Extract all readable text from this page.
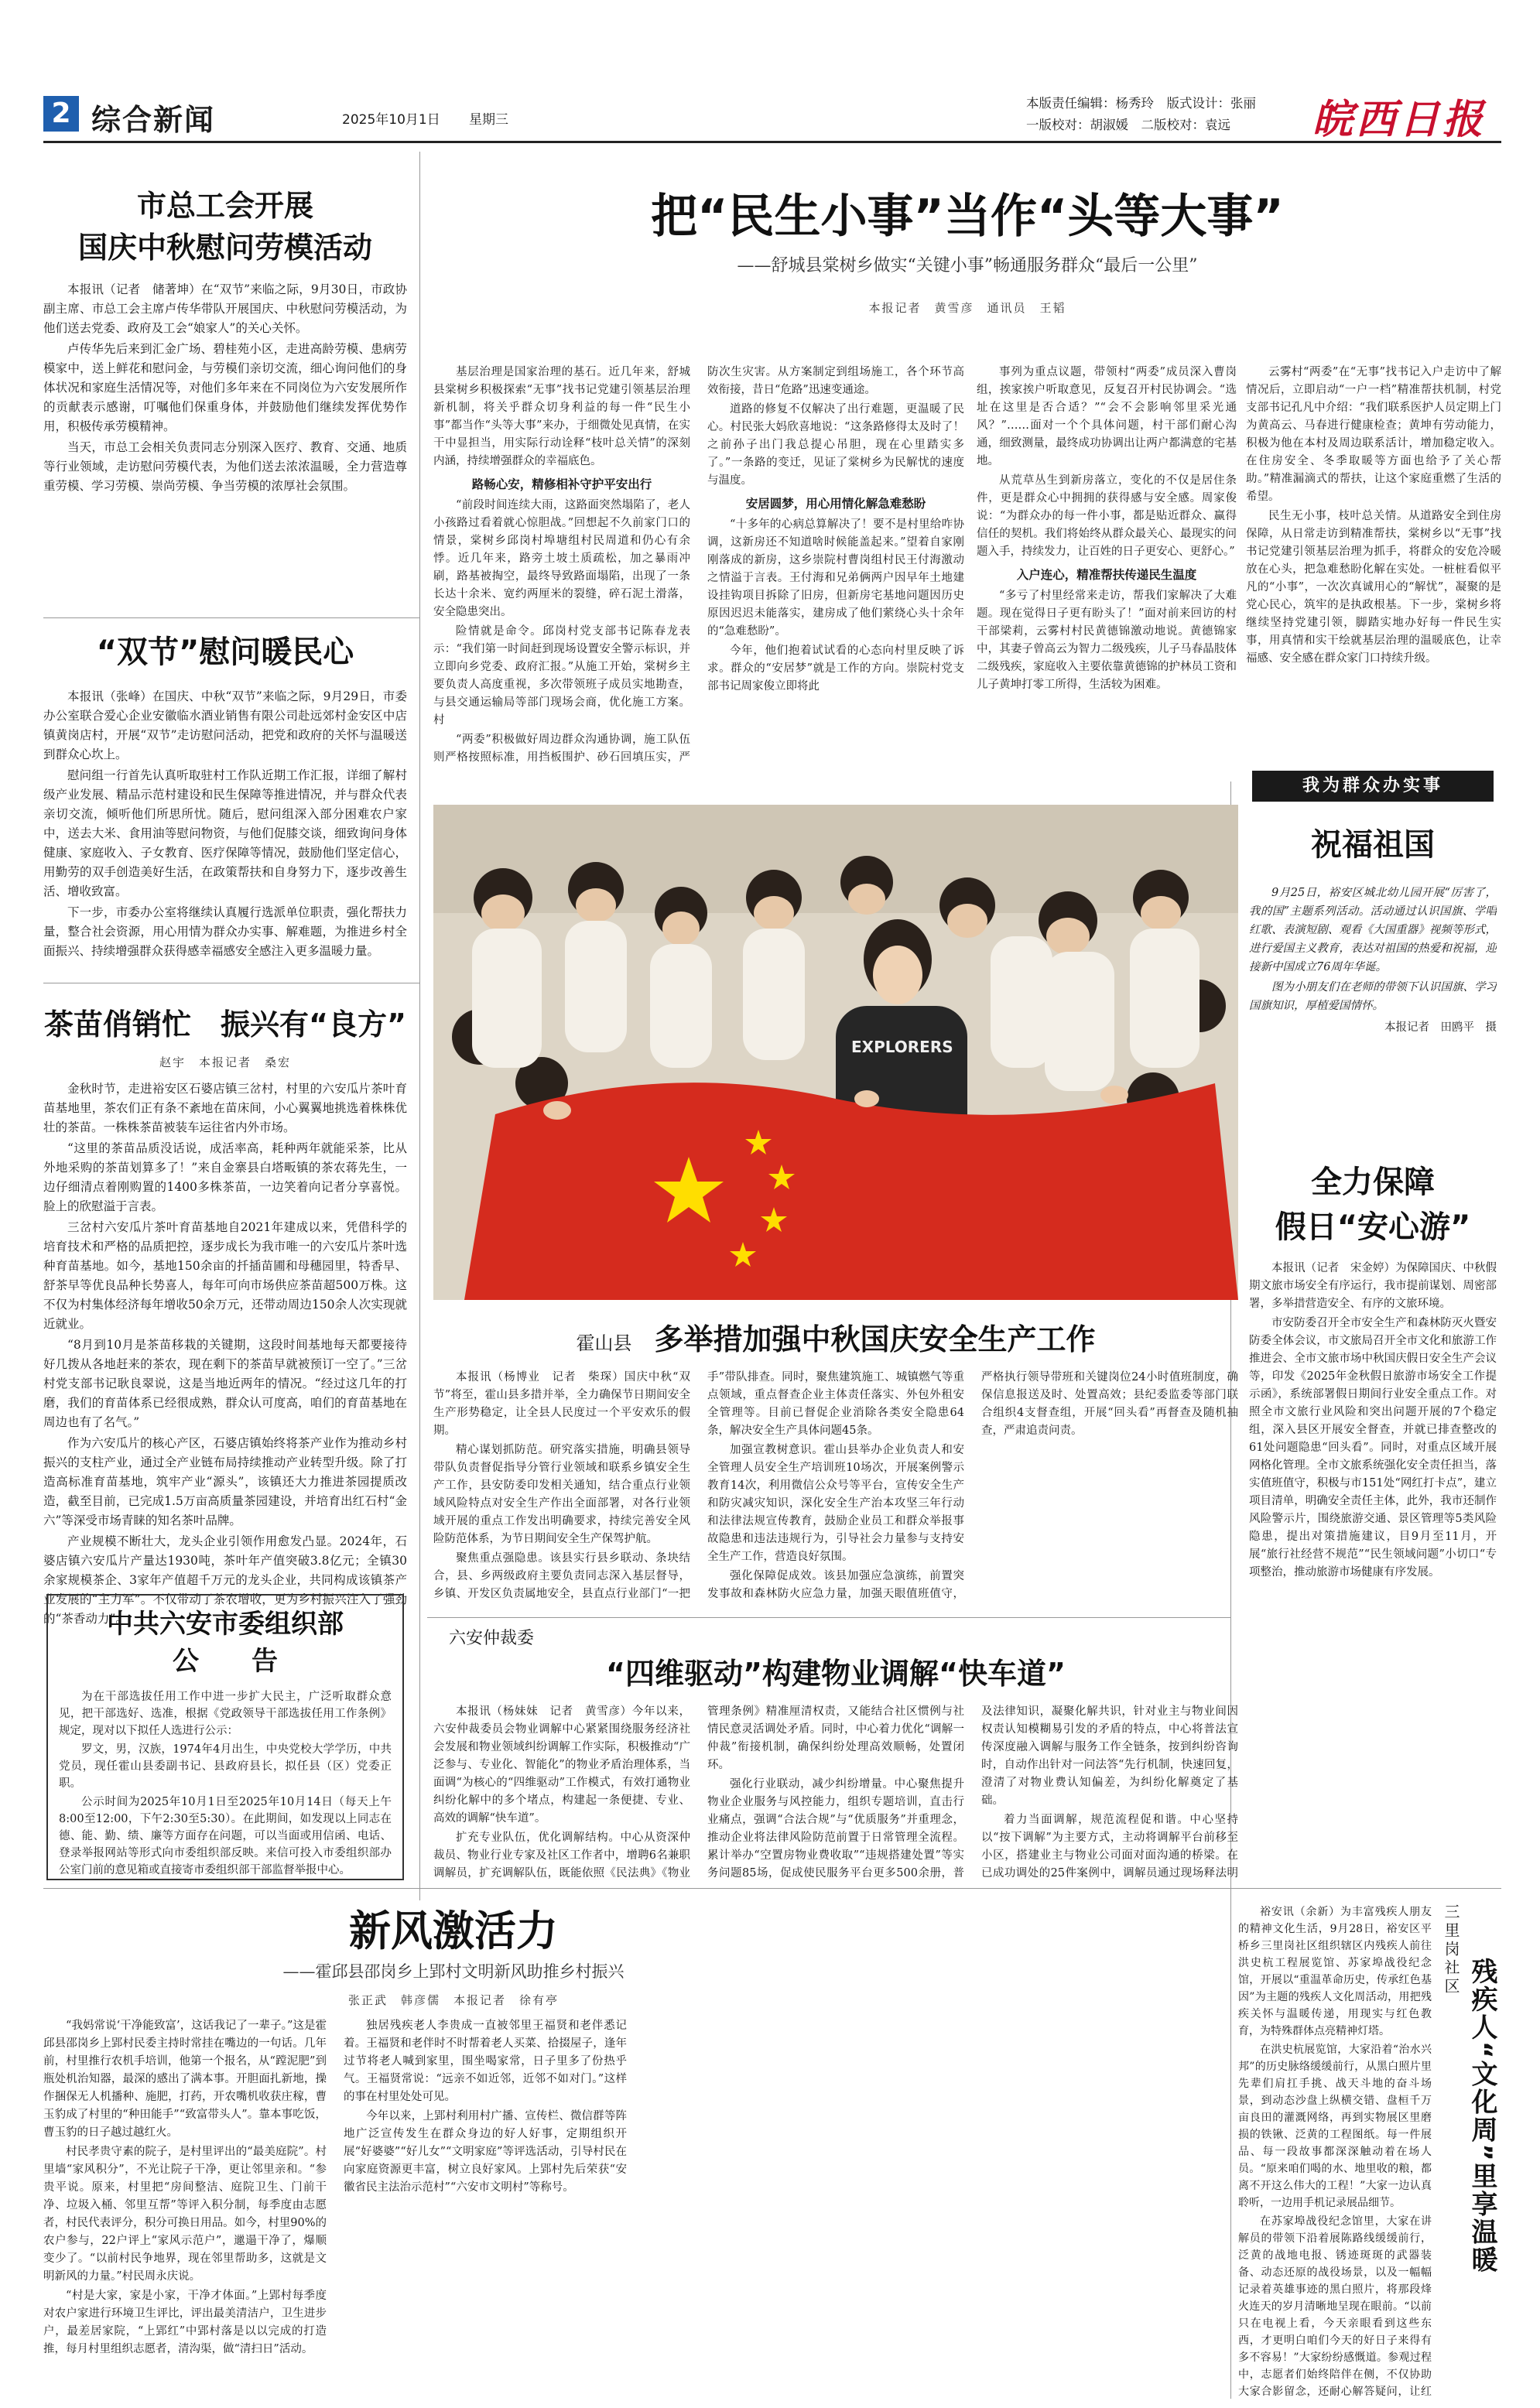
2 综合新闻	2025年10月1日 星期三
本版责任编辑：杨秀玲　版式设计：张丽
一版校对：胡淑媛　二版校对：袁远 皖西日报
市总工会开展
国庆中秋慰问劳模活动

本报讯（记者　储著坤）在“双节”来临之际，9月30日，市政协副主席、市总工会主席卢传华带队开展国庆、中秋慰问劳模活动，为他们送去党委、政府及工会“娘家人”的关心关怀。

卢传华先后来到汇金广场、碧桂苑小区，走进高龄劳模、患病劳模家中，送上鲜花和慰问金，与劳模们亲切交流，细心询问他们的身体状况和家庭生活情况等，对他们多年来在不同岗位为六安发展所作的贡献表示感谢，叮嘱他们保重身体，并鼓励他们继续发挥优势作用，积极传承劳模精神。

当天，市总工会相关负责同志分别深入医疗、教育、交通、地质等行业领域，走访慰问劳模代表，为他们送去浓浓温暖，全力营造尊重劳模、学习劳模、崇尚劳模、争当劳模的浓厚社会氛围。

“双节”慰问暖民心

本报讯（张峰）在国庆、中秋“双节”来临之际，9月29日，市委办公室联合爱心企业安徽临水酒业销售有限公司赴远郊村金安区中店镇黄岗店村，开展“双节”走访慰问活动，把党和政府的关怀与温暖送到群众心坎上。

慰问组一行首先认真听取驻村工作队近期工作汇报，详细了解村级产业发展、精品示范村建设和民生保障等推进情况，并与群众代表亲切交流，倾听他们所思所忧。随后，慰问组深入部分困难农户家中，送去大米、食用油等慰问物资，与他们促膝交谈，细致询问身体健康、家庭收入、子女教育、医疗保障等情况，鼓励他们坚定信心，用勤劳的双手创造美好生活，在政策帮扶和自身努力下，逐步改善生活、增收致富。

下一步，市委办公室将继续认真履行选派单位职责，强化帮扶力量，整合社会资源，用心用情为群众办实事、解难题，为推进乡村全面振兴、持续增强群众获得感幸福感安全感注入更多温暖力量。

茶苗俏销忙　振兴有“良方”
赵宇　本报记者　桑宏

金秋时节，走进裕安区石婆店镇三岔村，村里的六安瓜片茶叶育苗基地里，茶农们正有条不紊地在苗床间，小心翼翼地挑选着株株优壮的茶苗。一株株茶苗被装车运往省内外市场。

“这里的茶苗品质没话说，成活率高，耗种两年就能采茶，比从外地采购的茶苗划算多了！”来自金寨县白塔畈镇的茶农蒋先生，一边仔细清点着刚购置的1400多株茶苗，一边笑着向记者分享喜悦。脸上的欣慰溢于言表。

三岔村六安瓜片茶叶育苗基地自2021年建成以来，凭借科学的培育技术和严格的品质把控，逐步成长为我市唯一的六安瓜片茶叶选种育苗基地。如今，基地150余亩的扦插苗圃和母穗园里，特香早、舒茶早等优良品种长势喜人，每年可向市场供应茶苗超500万株。这不仅为村集体经济每年增收50余万元，还带动周边150余人次实现就近就业。

“8月到10月是茶苗移栽的关键期，这段时间基地每天都要接待好几拨从各地赶来的茶农，现在剩下的茶苗早就被预订一空了。”三岔村党支部书记耿良翠说，这是当地近两年的情况。“经过这几年的打磨，我们的育苗体系已经很成熟，群众认可度高，咱们的育苗基地在周边也有了名气。”

作为六安瓜片的核心产区，石婆店镇始终将茶产业作为推动乡村振兴的支柱产业，通过全产业链布局持续推动产业转型升级。除了打造高标准育苗基地，筑牢产业“源头”，该镇还大力推进茶园提质改造，截至目前，已完成1.5万亩高质量茶园建设，并培育出红石村“金六”等深受市场青睐的知名茶叶品牌。

产业规模不断壮大，龙头企业引领作用愈发凸显。2024年，石婆店镇六安瓜片产量达1930吨，茶叶年产值突破3.8亿元；全镇30余家规模茶企、3家年产值超千万元的龙头企业，共同构成该镇茶产业发展的“主力军”。不仅带动了茶农增收，更为乡村振兴注入了强劲的“茶香动力”。

中共六安市委组织部
公　　告

为在干部选拔任用工作中进一步扩大民主，广泛听取群众意见，把干部选好、选准，根据《党政领导干部选拔任用工作条例》规定，现对以下拟任人选进行公示：

罗文，男，汉族，1974年4月出生，中央党校大学学历，中共党员，现任霍山县委副书记、县政府县长，拟任县（区）党委正职。

公示时间为2025年10月1日至2025年10月14日（每天上午8:00至12:00，下午2:30至5:30）。在此期间，如发现以上同志在德、能、勤、绩、廉等方面存在问题，可以当面或用信函、电话、登录举报网站等形式向市委组织部反映。来信可投入市委组织部办公室门前的意见箱或直接寄市委组织部干部监督举报中心。

把“民生小事”当作“头等大事”
——舒城县棠树乡做实“关键小事”畅通服务群众“最后一公里”
本报记者　黄雪彦　通讯员　王韬

基层治理是国家治理的基石。近几年来，舒城县棠树乡积极探索“无事”找书记党建引领基层治理新机制，将关乎群众切身利益的每一件“民生小事”都当作“头等大事”来办，于细微处见真情，在实干中显担当，用实际行动诠释“枝叶总关情”的深刻内涵，持续增强群众的幸福底色。

路畅心安，精修相补守护平安出行

“前段时间连续大雨，这路面突然塌陷了，老人小孩路过看着就心惊胆战。”回想起不久前家门口的情景，棠树乡邱岗村埠塘组村民周道和仍心有余悸。近几年来，路旁土坡土质疏松，加之暴雨冲刷，路基被掏空，最终导致路面塌陷，出现了一条长达十余米、宽约两厘米的裂缝，碎石泥土滑落，安全隐患突出。

险情就是命令。邱岗村党支部书记陈春龙表示：“我们第一时间赶到现场设置安全警示标识，并立即向乡党委、政府汇报。”从施工开始，棠树乡主要负责人高度重视，多次带领班子成员实地勘查，与县交通运输局等部门现场会商，优化施工方案。村

“两委”积极做好周边群众沟通协调，施工队伍则严格按照标准，用挡板围护、砂石回填压实，严防次生灾害。从方案制定到组场施工，各个环节高效衔接，昔日“危路”迅速变通途。

道路的修复不仅解决了出行难题，更温暖了民心。村民张大妈欣喜地说：“这条路修得太及时了！之前孙子出门我总提心吊胆，现在心里踏实多了。”一条路的变迁，见证了棠树乡为民解忧的速度与温度。

安居圆梦，用心用情化解急难愁盼

“十多年的心病总算解决了！要不是村里给咋协调，这新房还不知道啥时候能盖起来。”望着自家刚刚落成的新房，这乡崇院村曹岗组村民王付海激动之情溢于言表。王付海和兄弟俩两户因早年土地建设挂钩项目拆除了旧房，但新房宅基地问题因历史原因迟迟未能落实，建房成了他们萦绕心头十余年的“急难愁盼”。

今年，他们抱着试试看的心态向村里反映了诉求。群众的“安居梦”就是工作的方向。崇院村党支部书记周家俊立即将此

云雾村“两委”在“无事”找书记入户走访中了解情况后，立即启动“一户一档”精准帮扶机制，村党支部书记孔凡中介绍：“我们联系医护人员定期上门为黄高云、马春进行健康检查；黄坤有劳动能力，积极为他在本村及周边联系活计，增加稳定收入。在住房安全、冬季取暖等方面也给予了关心帮助。”精准漏滴式的帮扶，让这个家庭重燃了生活的希望。

民生无小事，枝叶总关情。从道路安全到住房保障，从日常走访到精准帮扶，棠树乡以“无事”找书记党建引领基层治理为抓手，将群众的安危冷暖放在心头，把急难愁盼化解在实处。一桩桩看似平凡的“小事”，一次次真诚用心的“解忧”，凝聚的是党心民心，筑牢的是执政根基。下一步，棠树乡将继续坚持党建引领，脚踏实地办好每一件民生实事，用真情和实干绘就基层治理的温暖底色，让幸福感、安全感在群众家门口持续升级。

事列为重点议题，带领村“两委”成员深入曹岗组，挨家挨户听取意见，反复召开村民协调会。“选址在这里是否合适？”“会不会影响邻里采光通风？”……面对一个个具体问题，村干部们耐心沟通，细致测量，最终成功协调出让两户都满意的宅基地。

从荒草丛生到新房落立，变化的不仅是居住条件，更是群众心中拥拥的获得感与安全感。周家俊说：“为群众办的每一件小事，都是贴近群众、赢得信任的契机。我们将始终从群众最关心、最现实的问题入手，持续发力，让百姓的日子更安心、更舒心。”

入户连心，精准帮扶传递民生温度

“多亏了村里经常来走访，帮我们家解决了大难题。现在觉得日子更有盼头了！”面对前来回访的村干部梁莉，云雾村村民黄德锦激动地说。黄德锦家中，其妻子曾高云为智力二级残疾，儿子马春晶肢体二级残疾，家庭收入主要依靠黄德锦的护林员工资和儿子黄坤打零工所得，生活较为困难。

我为群众办实事
EXPLORERS
祝福祖国

9月25日，裕安区城北幼儿园开展“厉害了，我的国”主题系列活动。活动通过认识国旗、学唱红歌、表演短剧、观看《大国重器》视频等形式，进行爱国主义教育，表达对祖国的热爱和祝福，迎接新中国成立76周年华诞。

图为小朋友们在老师的带领下认识国旗、学习国旗知识，厚植爱国情怀。

本报记者　田鸥平　摄
霍山县 多举措加强中秋国庆安全生产工作

本报讯（杨博业　记者　柴琛）国庆中秋“双节”将至，霍山县多措并举，全力确保节日期间安全生产形势稳定，让全县人民度过一个平安欢乐的假期。

精心谋划抓防范。研究落实措施，明确县领导带队负责督促指导分管行业领域和联系乡镇安全生产工作，县安防委印发相关通知，结合重点行业领域风险特点对安全生产作出全面部署，对各行业领域开展的重点工作发出明确要求，持续完善安全风险防范体系，为节日期间安全生产保驾护航。

聚焦重点强隐患。该县实行县乡联动、条块结合，县、乡两级政府主要负责同志深入基层督导，乡镇、开发区负责属地安全，县直点行业部门“一把手”带队排查。同时，聚焦建筑施工、城镇燃气等重点领域，重点督查企业主体责任落实、外包外租安全管理等。目前已督促企业消除各类安全隐患64条，解决安全生产具体问题45条。

加强宣教树意识。霍山县举办企业负责人和安全管理人员安全生产培训班10场次，开展案例警示教育14次，利用微信公众号等平台，宣传安全生产和防灾减灾知识，深化安全生产治本攻坚三年行动和法律法规宣传教育，鼓励企业员工和群众举报事故隐患和违法违规行为，引导社会力量参与支持安全生产工作，营造良好氛围。

强化保障促成效。该县加强应急演练，前置突发事故和森林防火应急力量，加强天眼值班值守，严格执行领导带班和关键岗位24小时值班制度，确保信息报送及时、处置高效；县纪委监委等部门联合组织4支督查组，开展“回头看”再督查及随机抽查，严肃追责问责。

全力保障
假日“安心游”

本报讯（记者　宋金婷）为保障国庆、中秋假期文旅市场安全有序运行，我市提前谋划、周密部署，多举措营造安全、有序的文旅环境。

市安防委召开全市安全生产和森林防灭火暨安防委全体会议，市文旅局召开全市文化和旅游工作推进会、全市文旅市场中秋国庆假日安全生产会议等，印发《2025年金秋假日旅游市场安全工作提示函》，系统部署假日期间行业安全重点工作。对照全市文旅行业风险和突出问题开展的7个稳定组，深入县区开展安全督查，并就已排查整改的61处问题隐患“回头看”。同时，对重点区域开展网格化管理。全市文旅系统强化安全责任担当，落实值班值守，积极与市151处“网红打卡点”，建立项目清单，明确安全责任主体，此外，我市还制作风险警示片，围绕旅游交通、景区管理等5类风险隐患，提出对策措施建议，目9月至11月，开展“旅行社经营不规范”“民生领域问题”小切口“专项整治，推动旅游市场健康有序发展。

六安仲裁委
“四维驱动”构建物业调解“快车道”

本报讯（杨妹妹　记者　黄雪彦）今年以来，六安仲裁委员会物业调解中心紧紧围绕服务经济社会发展和物业领域纠纷调解工作实际，积极推动“广泛参与、专业化、智能化”的物业矛盾治理体系，当面调“为核心的“四维驱动”工作模式，有效打通物业纠纷化解中的多个堵点，构建起一条便捷、专业、高效的调解“快车道”。

扩充专业队伍，优化调解结构。中心从资深仲裁员、物业行业专家及社区工作者中，增聘6名兼职调解员，扩充调解队伍，既能依照《民法典》《物业管理条例》精准厘清权责，又能结合社区惯例与社情民意灵活调处矛盾。同时，中心着力优化“调解一仲裁”衔接机制，确保纠纷处理高效顺畅，处置闭环。

强化行业联动，减少纠纷增量。中心聚焦提升物业企业服务与风控能力，组织专题培训，直击行业痛点，强调“合法合规”与“优质服务”并重理念，推动企业将法律风险防范前置于日常管理全流程。累计举办“空置房物业费收取”“违规搭建处置”等实务问题85场，促成使民服务平台更多500余册，普及法律知识，凝聚化解共识，针对业主与物业间因权责认知模糊易引发的矛盾的特点，中心将普法宣传深度融入调解与服务工作全链条，按到纠纷咨询时，自动作出针对一问法答“先行机制，快速回复，澄清了对物业费认知偏差，为纠纷化解奠定了基础。

着力当面调解，规范流程促和谐。中心坚持以“按下调解”为主要方式，主动将调解平台前移至小区，搭建业主与物业公司面对面沟通的桥梁。在已成功调处的25件案例中，调解员通过现场释法明

新风激活力
——霍邱县邵岗乡上郢村文明新风助推乡村振兴
张正武　韩彦儒　本报记者　徐有亭

“我妈常说‘干净能致富’，这话我记了一辈子。”这是霍邱县邵岗乡上郢村民委主持时常挂在嘴边的一句话。几年前，村里推行农机手培训，他第一个报名，从“蹚泥肥”到瓶处机治知器，最深的感出了满本事。开胆面扎新地，操作捆保无人机播种、施肥，打药，开农嘴机收获庄稼，曹玉豹成了村里的“种田能手”“致富带头人”。靠本事吃饭，曹玉豹的日子越过越红火。

村民孝贵守素的院子，是村里评出的“最美庭院”。村里墙“家风积分”，不光让院子干净，更让邻里亲和。“参贵平说。原来，村里把“房间整洁、庭院卫生、门前干净、垃圾入桶、邻里互帮”等评入积分制，每季度由志愿者，村民代表评分，积分可换日用品。如今，村里90%的农户参与，22户评上“家风示范户”，邋遢干净了，爆顺变少了。“以前村民争地界，现在邻里帮助多，这就是文明新风的力量。”村民周永庆说。

“村是大家，家是小家，干净才体面。”上郢村每季度对农户家进行环境卫生评比，评出最美清洁户，卫生进步户，最差居家院，“上郢红”中郢村落是以以完成的打造推，每月村里组织志愿者，清沟渠，做“清扫日”活动。

独居残疾老人李贵成一直被邻里王福贤和老伴悉记着。王福贤和老伴时不时帮着老人买菜、拾掇屋子，逢年过节将老人喊到家里，围坐喝家常，日子里多了份热乎气。王福贤常说：“远亲不如近邻，近邻不如对门。”这样的事在村里处处可见。

今年以来，上郢村利用村广播、宣传栏、微信群等阵地广泛宣传发生在群众身边的好人好事，定期组织开展“好婆婆”“好儿女”“文明家庭”等评选活动，引导村民在向家庭资源更丰富，树立良好家风。上郢村先后荣获“安徽省民主法治示范村”“六安市文明村”等称号。

三里岗社区
残疾人“文化周”里享温暖

裕安讯（余新）为丰富残疾人朋友的精神文化生活，9月28日，裕安区平桥乡三里岗社区组织辖区内残疾人前往洪史杭工程展览馆、苏家埠战役纪念馆，开展以“重温革命历史，传承红色基因”为主题的残疾人文化周活动，用把残疾关怀与温暖传递，用现实与红色教育，为特殊群体点亮精神灯塔。

在洪史杭展览馆，大家沿着“治水兴邦”的历史脉络缓缓前行，从黑白照片里先辈们肩扛手挑、战天斗地的奋斗场景，到动态沙盘上纵横交错、盘桓千万亩良田的灌溉网络，再到实物展区里磨损的铁锹、泛黄的工程图纸。每一件展品、每一段故事都深深触动着在场人员。“原来咱们喝的水、地里收的粮，都离不开这么伟大的工程！”大家一边认真聆听，一边用手机记录展品细节。

在苏家埠战役纪念馆里，大家在讲解员的带领下沿着展陈路线缓缓前行，泛黄的战地电报、锈迹斑斑的武器装备、动态还原的战役场景，以及一幅幅记录着英雄事迹的黑白照片，将那段烽火连天的岁月清晰地呈现在眼前。“以前只在电视上看，今天亲眼看到这些东西，才更明白咱们今天的好日子来得有多不容易！”大家纷纷感慨道。参观过程中，志愿者们始终陪伴在侧，不仅协助大家合影留念，还耐心解答疑问，让红
